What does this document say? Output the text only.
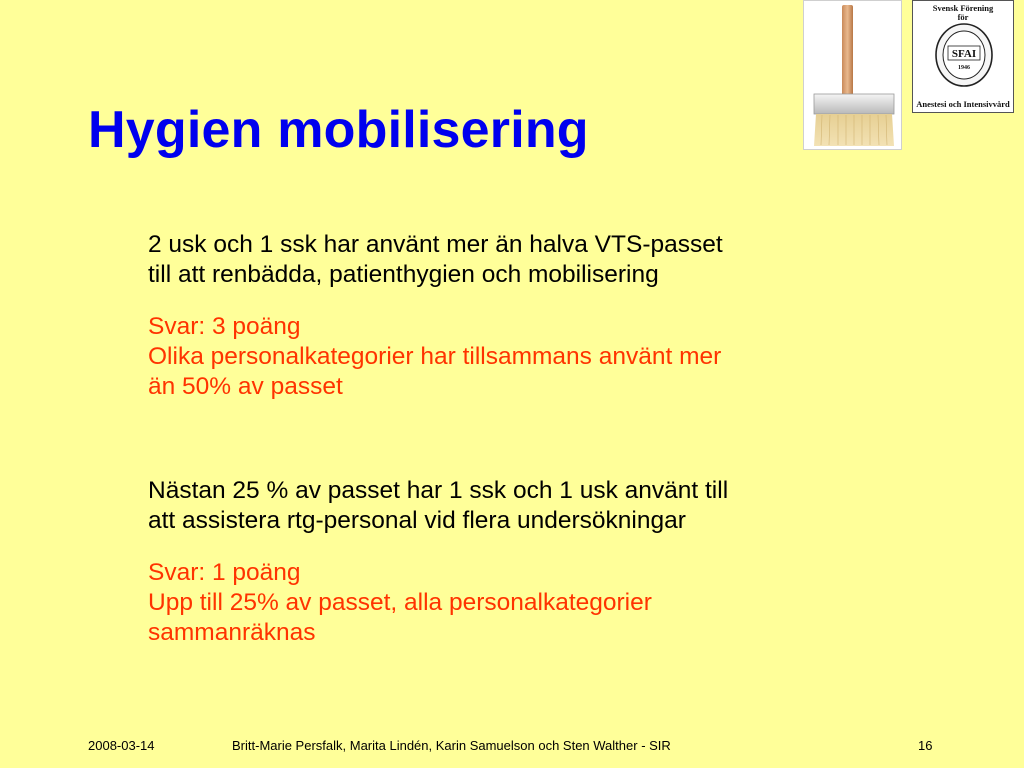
Hygien mobilisering
Svensk Förening
för
SFAI
1946
Anestesi och Intensivvård

2 usk och 1 ssk har använt mer än halva VTS-passet
till att renbädda, patienthygien och mobilisering

Svar: 3 poäng
Olika personalkategorier har tillsammans använt mer
än 50% av passet

Nästan 25 % av passet har 1 ssk och 1 usk använt till
att assistera rtg-personal vid flera undersökningar

Svar: 1 poäng
Upp till 25% av passet, alla personalkategorier
sammanräknas

2008-03-14	Britt-Marie Persfalk, Marita Lindén, Karin Samuelson och Sten Walther - SIR	16
